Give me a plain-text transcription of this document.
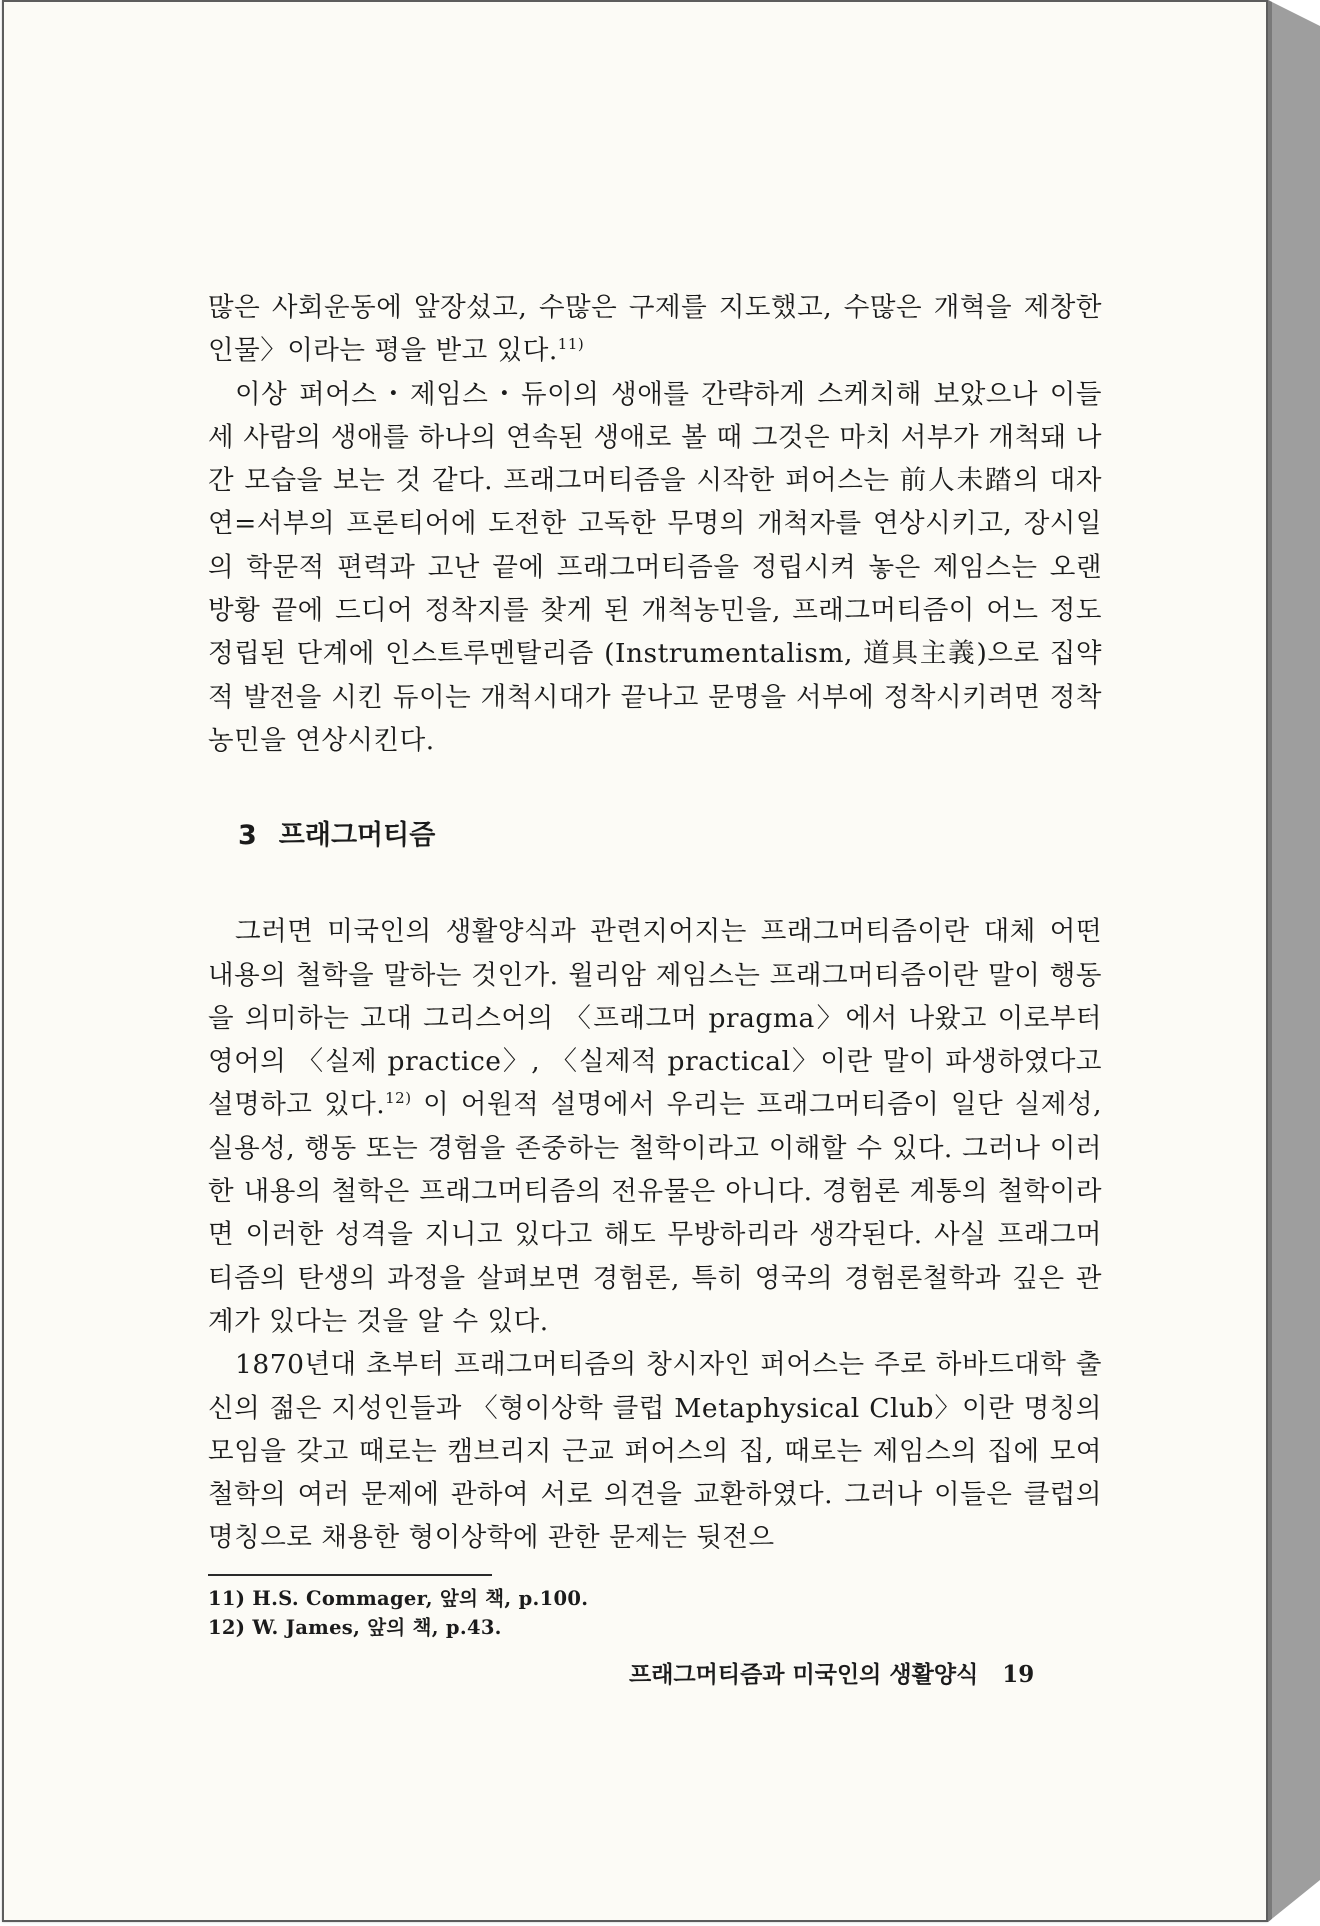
많은 사회운동에 앞장섰고, 수많은 구제를 지도했고, 수많은 개혁을 제창한 인물〉이라는 평을 받고 있다.$^{11)}$

이상 퍼어스・제임스・듀이의 생애를 간략하게 스케치해 보았으나 이들 세 사람의 생애를 하나의 연속된 생애로 볼 때 그것은 마치 서부가 개척돼 나간 모습을 보는 것 같다. 프래그머티즘을 시작한 퍼어스는 前人未踏의 대자연=서부의 프론티어에 도전한 고독한 무명의 개척자를 연상시키고, 장시일의 학문적 편력과 고난 끝에 프래그머티즘을 정립시켜 놓은 제임스는 오랜 방황 끝에 드디어 정착지를 찾게 된 개척농민을, 프래그머티즘이 어느 정도 정립된 단계에 인스트루멘탈리즘 (Instrumentalism, 道具主義)으로 집약적 발전을 시킨 듀이는 개척시대가 끝나고 문명을 서부에 정착시키려면 정착농민을 연상시킨다.

3 프래그머티즘

그러면 미국인의 생활양식과 관련지어지는 프래그머티즘이란 대체 어떤 내용의 철학을 말하는 것인가. 윌리암 제임스는 프래그머티즘이란 말이 행동을 의미하는 고대 그리스어의 〈프래그머 pragma〉에서 나왔고 이로부터 영어의 〈실제 practice〉, 〈실제적 practical〉이란 말이 파생하였다고 설명하고 있다.$^{12)}$ 이 어원적 설명에서 우리는 프래그머티즘이 일단 실제성, 실용성, 행동 또는 경험을 존중하는 철학이라고 이해할 수 있다. 그러나 이러한 내용의 철학은 프래그머티즘의 전유물은 아니다. 경험론 계통의 철학이라면 이러한 성격을 지니고 있다고 해도 무방하리라 생각된다. 사실 프래그머티즘의 탄생의 과정을 살펴보면 경험론, 특히 영국의 경험론철학과 깊은 관계가 있다는 것을 알 수 있다.

1870년대 초부터 프래그머티즘의 창시자인 퍼어스는 주로 하바드대학 출신의 젊은 지성인들과 〈형이상학 클럽 Metaphysical Club〉이란 명칭의 모임을 갖고 때로는 캠브리지 근교 퍼어스의 집, 때로는 제임스의 집에 모여 철학의 여러 문제에 관하여 서로 의견을 교환하였다. 그러나 이들은 클럽의 명칭으로 채용한 형이상학에 관한 문제는 뒷전으

11) H.S. Commager, 앞의 책, p.100.
12) W. James, 앞의 책, p.43.
프래그머티즘과 미국인의 생활양식 19
